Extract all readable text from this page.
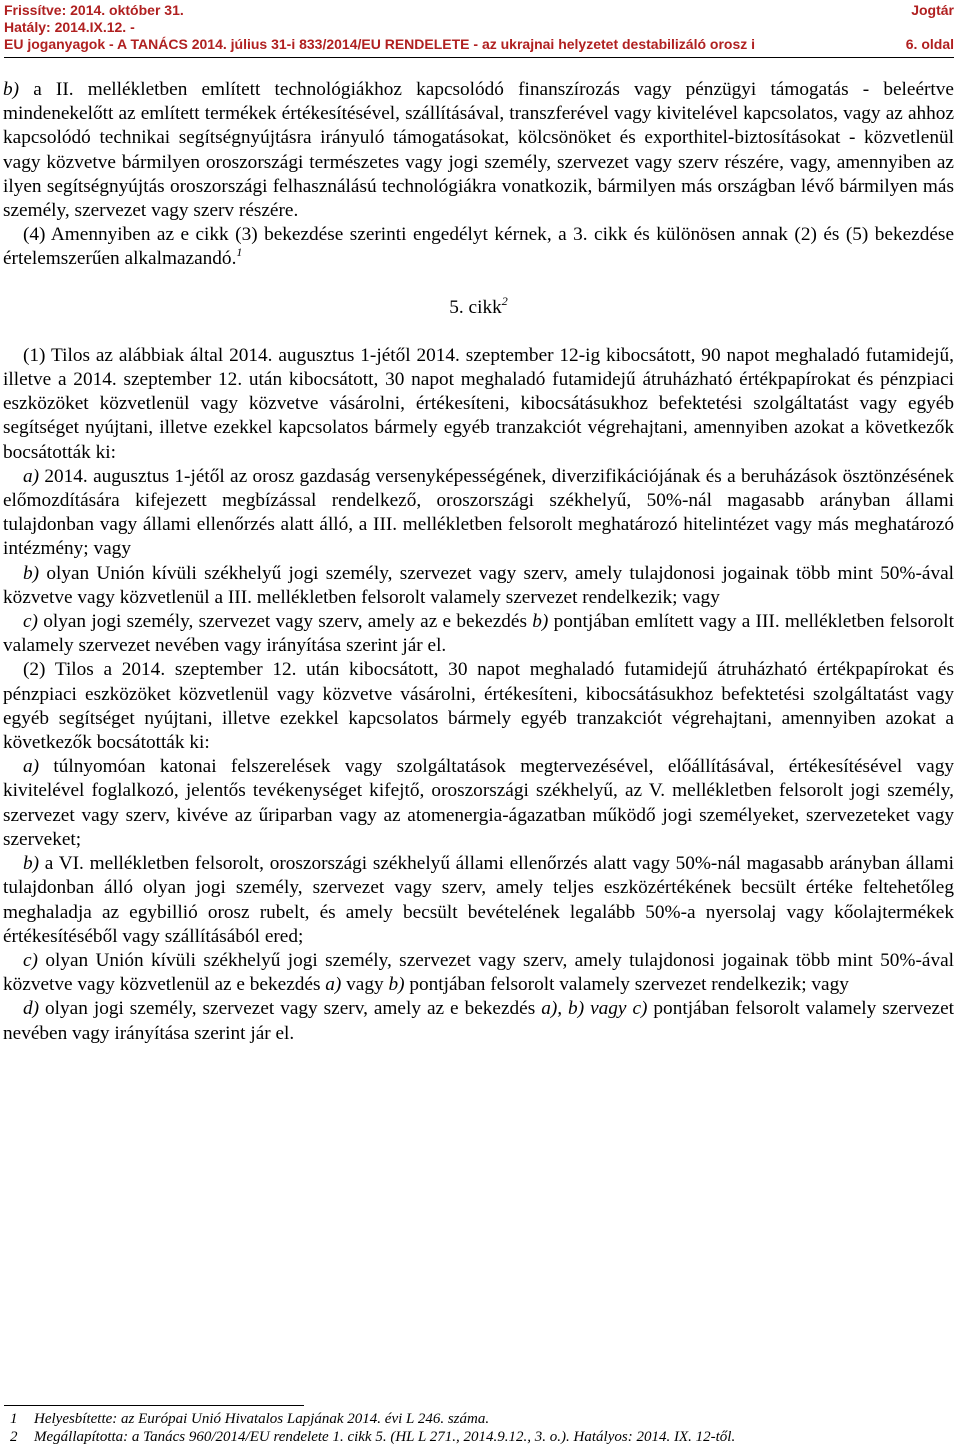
Frissítve: 2014. október 31.	Jogtár
Hatály: 2014.IX.12. -
EU joganyagok - A TANÁCS 2014. július 31-i 833/2014/EU RENDELETE - az ukrajnai helyzetet destabilizáló orosz i	6. oldal

b) a II. mellékletben említett technológiákhoz kapcsolódó finanszírozás vagy pénzügyi támogatás - beleértve mindenekelőtt az említett termékek értékesítésével, szállításával, transzferével vagy kivitelével kapcsolatos, vagy az ahhoz kapcsolódó technikai segítségnyújtásra irányuló támogatásokat, kölcsönöket és exporthitel-biztosításokat - közvetlenül vagy közvetve bármilyen oroszországi természetes vagy jogi személy, szervezet vagy szerv részére, vagy, amennyiben az ilyen segítségnyújtás oroszországi felhasználású technológiákra vonatkozik, bármilyen más országban lévő bármilyen más személy, szervezet vagy szerv részére.

(4) Amennyiben az e cikk (3) bekezdése szerinti engedélyt kérnek, a 3. cikk és különösen annak (2) és (5) bekezdése értelemszerűen alkalmazandó.$^1$

5. cikk$^2$

(1) Tilos az alábbiak által 2014. augusztus 1-jétől 2014. szeptember 12-ig kibocsátott, 90 napot meghaladó futamidejű, illetve a 2014. szeptember 12. után kibocsátott, 30 napot meghaladó futamidejű átruházható értékpapírokat és pénzpiaci eszközöket közvetlenül vagy közvetve vásárolni, értékesíteni, kibocsátásukhoz befektetési szolgáltatást vagy egyéb segítséget nyújtani, illetve ezekkel kapcsolatos bármely egyéb tranzakciót végrehajtani, amennyiben azokat a következők bocsátották ki:

a) 2014. augusztus 1-jétől az orosz gazdaság versenyképességének, diverzifikációjának és a beruházások ösztönzésének előmozdítására kifejezett megbízással rendelkező, oroszországi székhelyű, 50%-nál magasabb arányban állami tulajdonban vagy állami ellenőrzés alatt álló, a III. mellékletben felsorolt meghatározó hitelintézet vagy más meghatározó intézmény; vagy

b) olyan Unión kívüli székhelyű jogi személy, szervezet vagy szerv, amely tulajdonosi jogainak több mint 50%-ával közvetve vagy közvetlenül a III. mellékletben felsorolt valamely szervezet rendelkezik; vagy

c) olyan jogi személy, szervezet vagy szerv, amely az e bekezdés b) pontjában említett vagy a III. mellékletben felsorolt valamely szervezet nevében vagy irányítása szerint jár el.

(2) Tilos a 2014. szeptember 12. után kibocsátott, 30 napot meghaladó futamidejű átruházható értékpapírokat és pénzpiaci eszközöket közvetlenül vagy közvetve vásárolni, értékesíteni, kibocsátásukhoz befektetési szolgáltatást vagy egyéb segítséget nyújtani, illetve ezekkel kapcsolatos bármely egyéb tranzakciót végrehajtani, amennyiben azokat a következők bocsátották ki:

a) túlnyomóan katonai felszerelések vagy szolgáltatások megtervezésével, előállításával, értékesítésével vagy kivitelével foglalkozó, jelentős tevékenységet kifejtő, oroszországi székhelyű, az V. mellékletben felsorolt jogi személy, szervezet vagy szerv, kivéve az űriparban vagy az atomenergia-ágazatban működő jogi személyeket, szervezeteket vagy szerveket;

b) a VI. mellékletben felsorolt, oroszországi székhelyű állami ellenőrzés alatt vagy 50%-nál magasabb arányban állami tulajdonban álló olyan jogi személy, szervezet vagy szerv, amely teljes eszközértékének becsült értéke feltehetőleg meghaladja az egybillió orosz rubelt, és amely becsült bevételének legalább 50%-a nyersolaj vagy kőolajtermékek értékesítéséből vagy szállításából ered;

c) olyan Unión kívüli székhelyű jogi személy, szervezet vagy szerv, amely tulajdonosi jogainak több mint 50%-ával közvetve vagy közvetlenül az e bekezdés a) vagy b) pontjában felsorolt valamely szervezet rendelkezik; vagy

d) olyan jogi személy, szervezet vagy szerv, amely az e bekezdés a), b) vagy c) pontjában felsorolt valamely szervezet nevében vagy irányítása szerint jár el.

1 Helyesbítette: az Európai Unió Hivatalos Lapjának 2014. évi L 246. száma.
2 Megállapította: a Tanács 960/2014/EU rendelete 1. cikk 5. (HL L 271., 2014.9.12., 3. o.). Hatályos: 2014. IX. 12-től.
